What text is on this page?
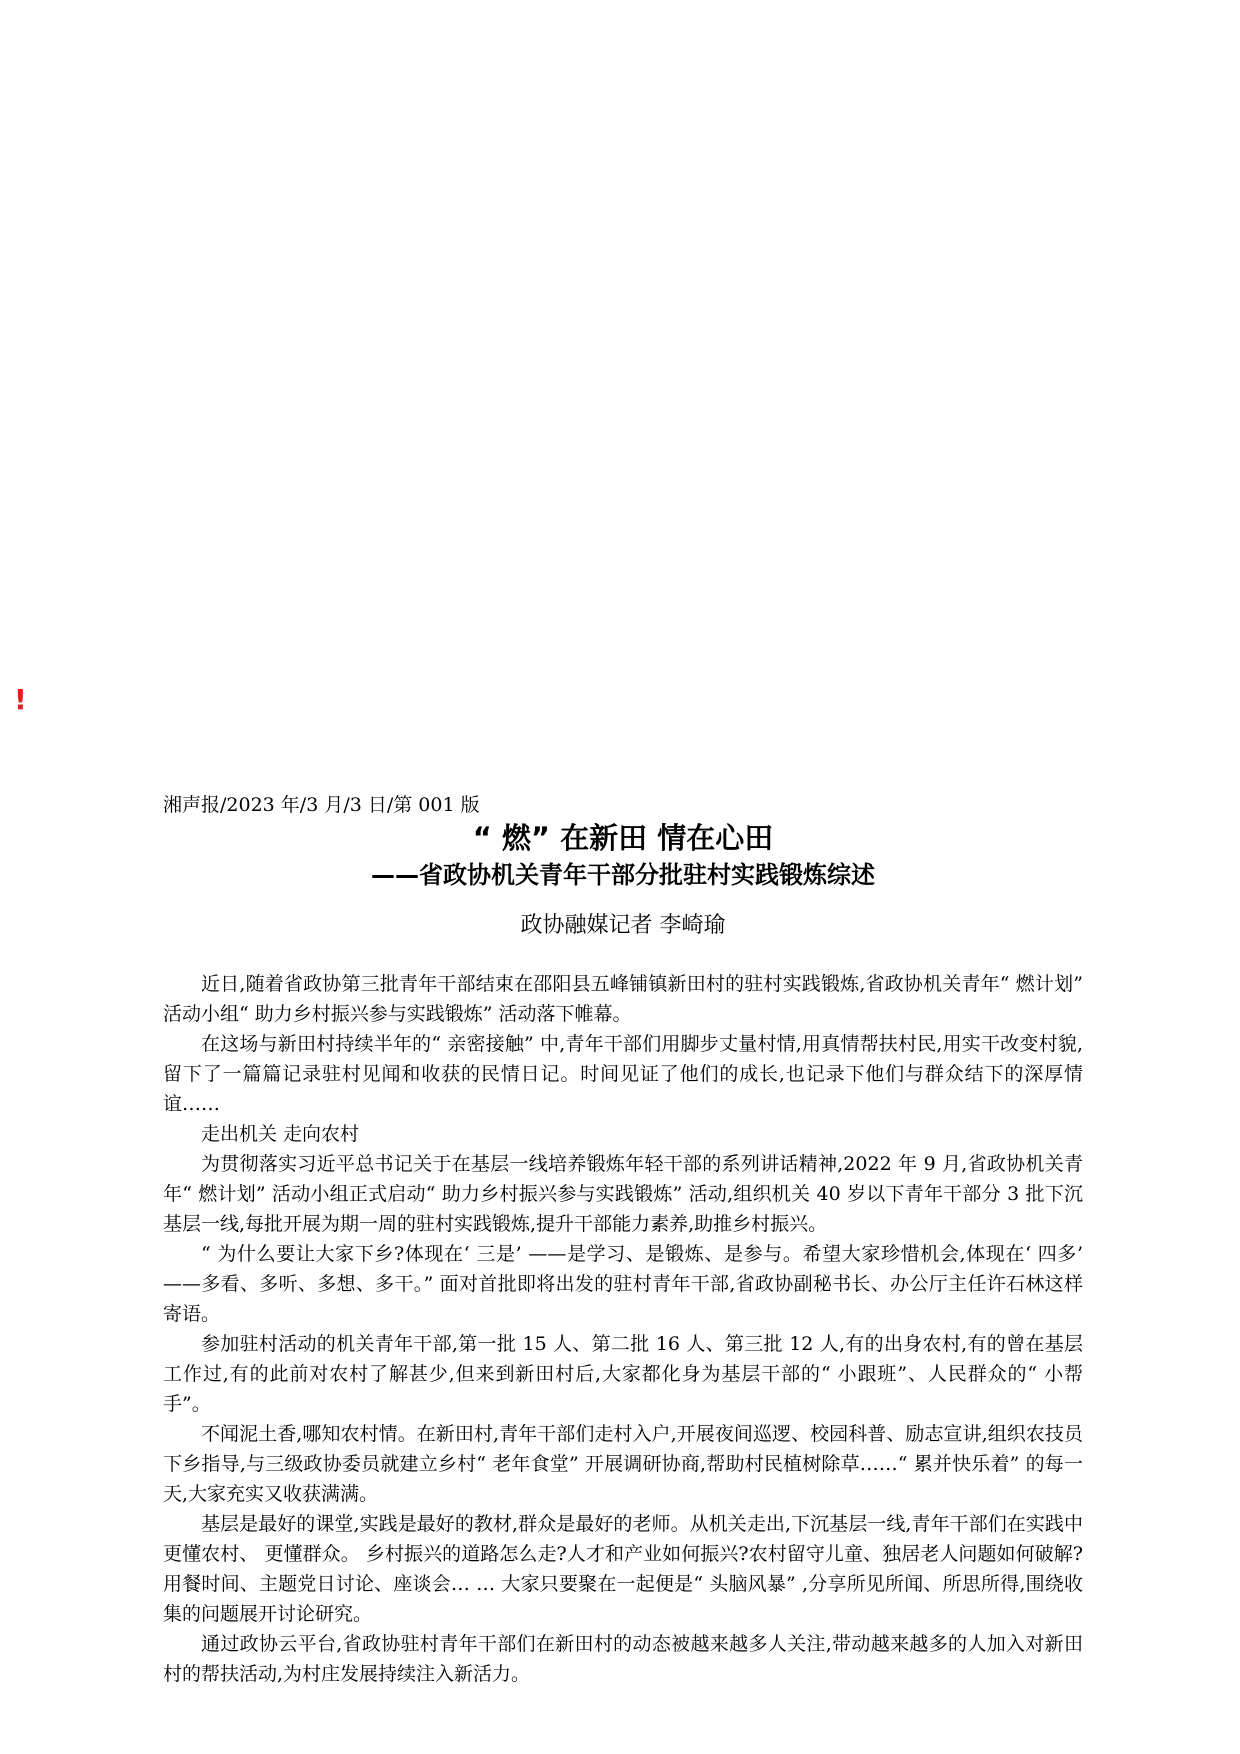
!

湘声报/2023 年/3 月/3 日/第 001 版

“ 燃” 在新田 情在心田
——省政协机关青年干部分批驻村实践锻炼综述
政协融媒记者 李崎瑜

近日,随着省政协第三批青年干部结束在邵阳县五峰铺镇新田村的驻村实践锻炼,省政协机关青年“ 燃计划” 活动小组“ 助力乡村振兴参与实践锻炼” 活动落下帷幕。

在这场与新田村持续半年的“ 亲密接触” 中,青年干部们用脚步丈量村情,用真情帮扶村民,用实干改变村貌,留下了一篇篇记录驻村见闻和收获的民情日记。时间见证了他们的成长,也记录下他们与群众结下的深厚情谊……

走出机关 走向农村

为贯彻落实习近平总书记关于在基层一线培养锻炼年轻干部的系列讲话精神,2022 年 9 月,省政协机关青年“ 燃计划” 活动小组正式启动“ 助力乡村振兴参与实践锻炼” 活动,组织机关 40 岁以下青年干部分 3 批下沉基层一线,每批开展为期一周的驻村实践锻炼,提升干部能力素养,助推乡村振兴。

“ 为什么要让大家下乡?体现在‘ 三是’ ——是学习、是锻炼、是参与。希望大家珍惜机会,体现在‘ 四多’ ——多看、多听、多想、多干。” 面对首批即将出发的驻村青年干部,省政协副秘书长、办公厅主任许石林这样寄语。

参加驻村活动的机关青年干部,第一批 15 人、第二批 16 人、第三批 12 人,有的出身农村,有的曾在基层工作过,有的此前对农村了解甚少,但来到新田村后,大家都化身为基层干部的“ 小跟班”、人民群众的“ 小帮手”。

不闻泥土香,哪知农村情。在新田村,青年干部们走村入户,开展夜间巡逻、校园科普、励志宣讲,组织农技员下乡指导,与三级政协委员就建立乡村“ 老年食堂” 开展调研协商,帮助村民植树除草……“ 累并快乐着” 的每一天,大家充实又收获满满。

基层是最好的课堂,实践是最好的教材,群众是最好的老师。从机关走出,下沉基层一线,青年干部们在实践中更懂农村、 更懂群众。 乡村振兴的道路怎么走?人才和产业如何振兴?农村留守儿童、独居老人问题如何破解?用餐时间、主题党日讨论、座谈会… … 大家只要聚在一起便是“ 头脑风暴” ,分享所见所闻、所思所得,围绕收集的问题展开讨论研究。

通过政协云平台,省政协驻村青年干部们在新田村的动态被越来越多人关注,带动越来越多的人加入对新田村的帮扶活动,为村庄发展持续注入新活力。
